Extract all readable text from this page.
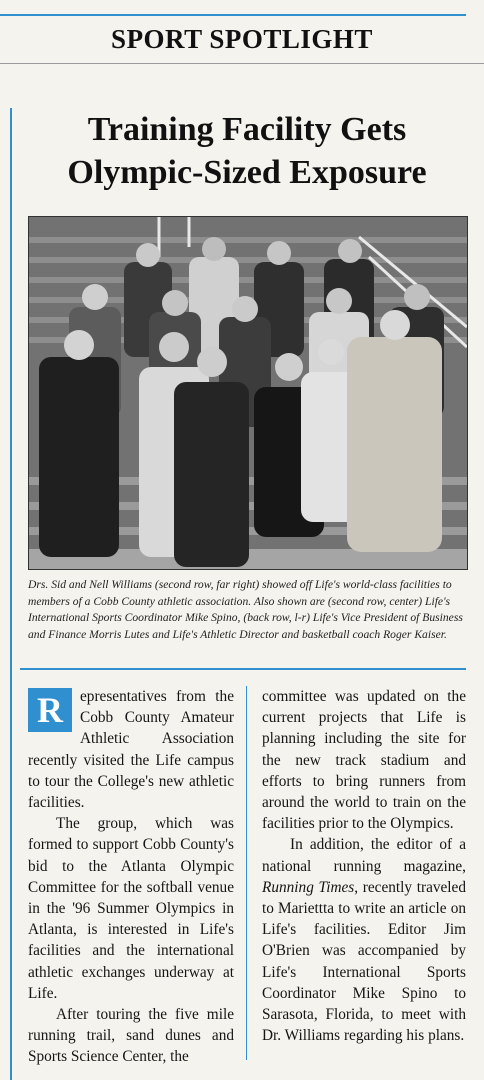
SPORT SPOTLIGHT
Training Facility Gets Olympic-Sized Exposure
Drs. Sid and Nell Williams (second row, far right) showed off Life's world-class facilities to members of a Cobb County athletic association. Also shown are (second row, center) Life's International Sports Coordinator Mike Spino, (back row, l-r) Life's Vice President of Business and Finance Morris Lutes and Life's Athletic Director and basketball coach Roger Kaiser.

R	epresentatives from the Cobb County Amateur Athletic Association recently visited the Life campus to tour the College's new athletic facilities.

The group, which was formed to support Cobb County's bid to the Atlanta Olympic Committee for the softball venue in the '96 Summer Olympics in Atlanta, is interested in Life's facilities and the international athletic exchanges underway at Life.

After touring the five mile running trail, sand dunes and Sports Science Center, the

committee was updated on the current projects that Life is planning including the site for the new track stadium and efforts to bring runners from around the world to train on the facilities prior to the Olympics.

In addition, the editor of a national running magazine, Running Times, recently traveled to Mariettta to write an article on Life's facilities. Editor Jim O'Brien was accompanied by Life's International Sports Coordinator Mike Spino to Sarasota, Florida, to meet with Dr. Williams regarding his plans.
